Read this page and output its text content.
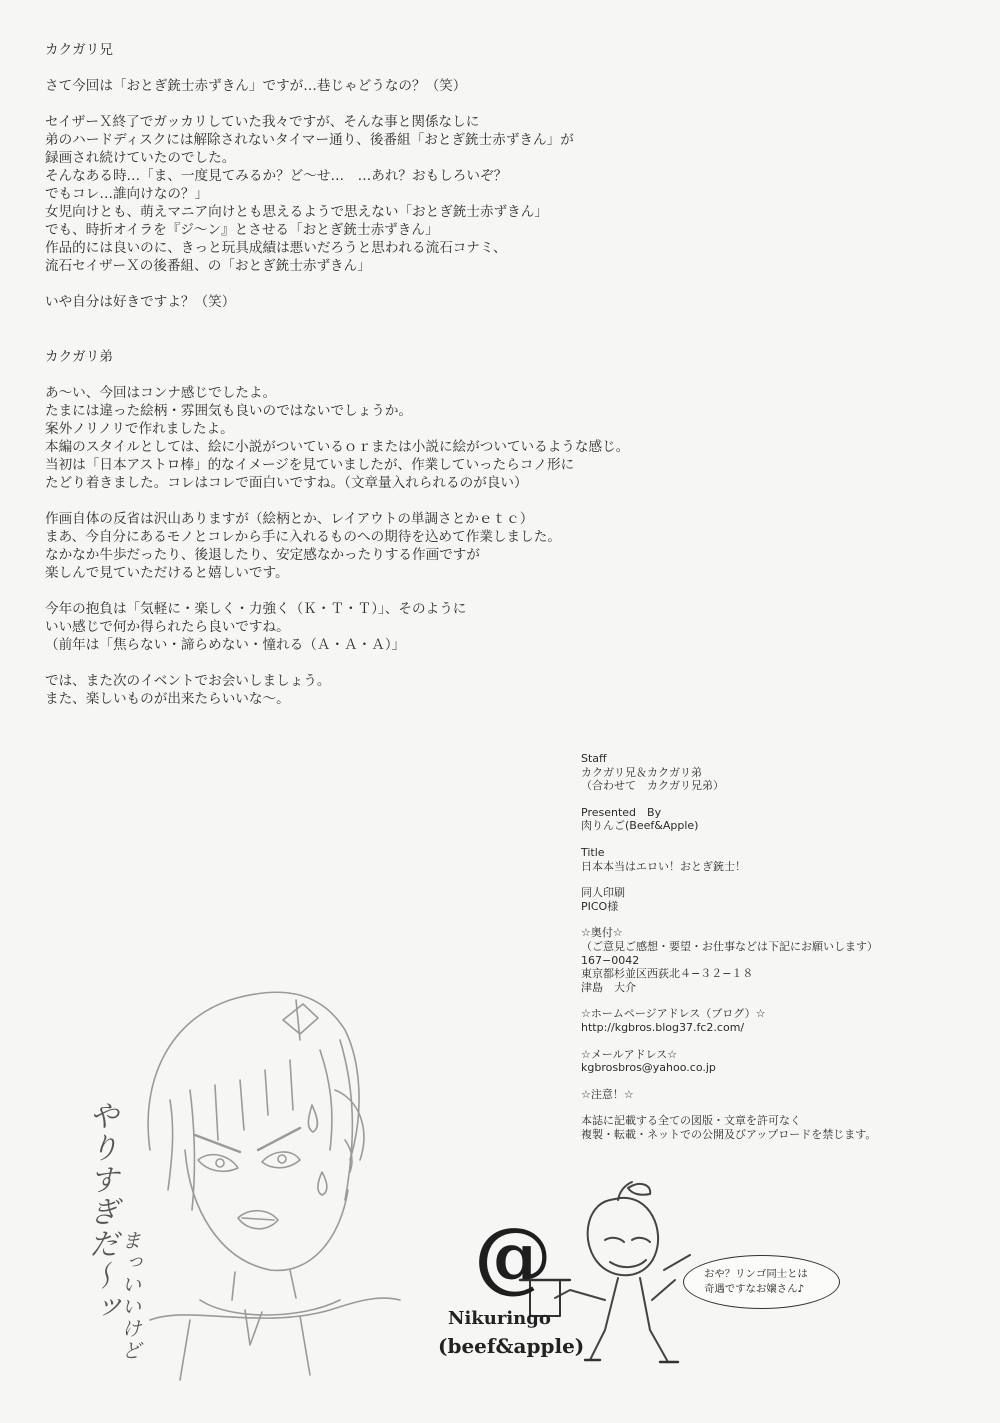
カクガリ兄
さて今回は「おとぎ銃士赤ずきん」ですが…巷じゃどうなの？（笑）
セイザーＸ終了でガッカリしていた我々ですが、そんな事と関係なしに
弟のハードディスクには解除されないタイマー通り、後番組「おとぎ銃士赤ずきん」が
録画され続けていたのでした。
そんなある時…「ま、一度見てみるか？ど～せ…　…あれ？おもしろいぞ？
でもコレ…誰向けなの？」
女児向けとも、萌えマニア向けとも思えるようで思えない「おとぎ銃士赤ずきん」
でも、時折オイラを『ジ～ン』とさせる「おとぎ銃士赤ずきん」
作品的には良いのに、きっと玩具成績は悪いだろうと思われる流石コナミ、
流石セイザーＸの後番組、の「おとぎ銃士赤ずきん」
いや自分は好きですよ？（笑）
カクガリ弟
あ～い、今回はコンナ感じでしたよ。
たまには違った絵柄・雰囲気も良いのではないでしょうか。
案外ノリノリで作れましたよ。
本編のスタイルとしては、絵に小説がついているｏｒまたは小説に絵がついているような感じ。
当初は「日本アストロ棒」的なイメージを見ていましたが、作業していったらコノ形に
たどり着きました。コレはコレで面白いですね。（文章量入れられるのが良い）
作画自体の反省は沢山ありますが（絵柄とか、レイアウトの単調さとかｅｔｃ）
まあ、今自分にあるモノとコレから手に入れるものへの期待を込めて作業しました。
なかなか牛歩だったり、後退したり、安定感なかったりする作画ですが
楽しんで見ていただけると嬉しいです。
今年の抱負は「気軽に・楽しく・力強く（Ｋ・Ｔ・Ｔ）」、そのように
いい感じで何か得られたら良いですね。
（前年は「焦らない・諦らめない・憧れる（Ａ・Ａ・Ａ）」
では、また次のイベントでお会いしましょう。
また、楽しいものが出来たらいいな～。
Staff
カクガリ兄＆カクガリ弟
（合わせて　カクガリ兄弟）
Presented　By
肉りんご(Beef&Apple)
Title
日本本当はエロい！おとぎ銃士！
同人印刷
PICO様
☆奥付☆
（ご意見ご感想・要望・お仕事などは下記にお願いします）
167−0042
東京都杉並区西荻北４−３２−１８
津島　大介
☆ホームページアドレス（ブログ）☆
http://kgbros.blog37.fc2.com/
☆メールアドレス☆
kgbrosbros@yahoo.co.jp
☆注意！☆
本誌に記載する全ての図版・文章を許可なく
複製・転載・ネットでの公開及びアップロードを禁じます。
やりすぎだ〜ッ まっいいけど	@
Nikuringo
(beef&apple)
おや？リンゴ同士とは
奇遇ですなお嬢さん♪
